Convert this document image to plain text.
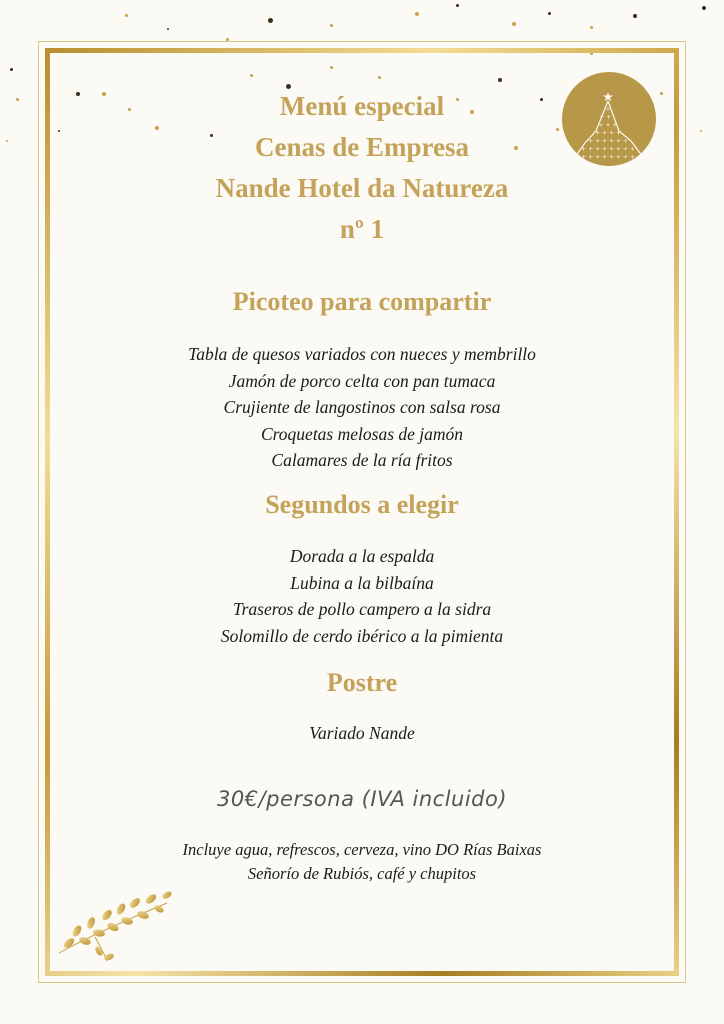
+
+ +
+ + +
+ + + +
+ + + + + +
+ + + + + + + +
+ + + + + + + + + +
Menú especial
Cenas de Empresa
Nande Hotel da Natureza
nº 1
Picoteo para compartir
Tabla de quesos variados con nueces y membrillo
Jamón de porco celta con pan tumaca
Crujiente de langostinos con salsa rosa
Croquetas melosas de jamón
Calamares de la ría fritos
Segundos a elegir
Dorada a la espalda
Lubina a la bilbaína
Traseros de pollo campero a la sidra
Solomillo de cerdo ibérico a la pimienta
Postre
Variado Nande
30€/persona (IVA incluido)
Incluye agua, refrescos, cerveza, vino DO Rías Baixas
Señorío de Rubiós, café y chupitos
